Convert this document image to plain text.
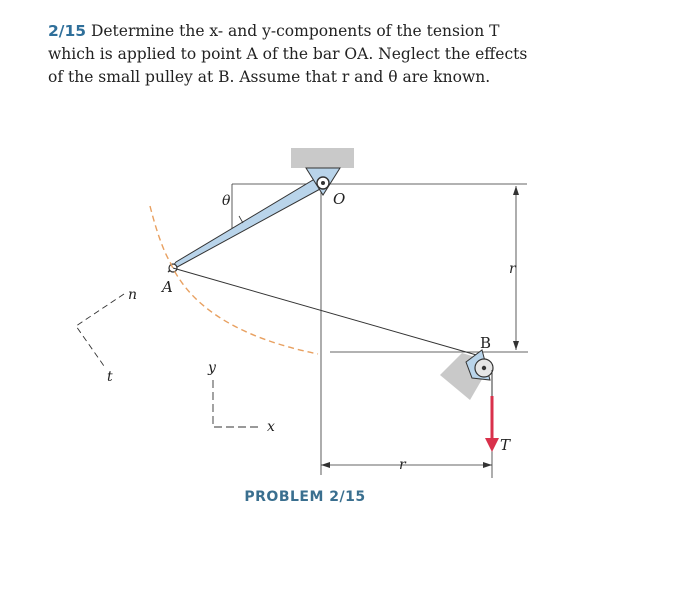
2/15 Determine the x- and y-components of the tension T
which is applied to point A of the bar OA. Neglect the effects
of the small pulley at B. Assume that r and θ are known.
O
A
B
T
θ
r
r
n
t
x
y
PROBLEM 2/15
